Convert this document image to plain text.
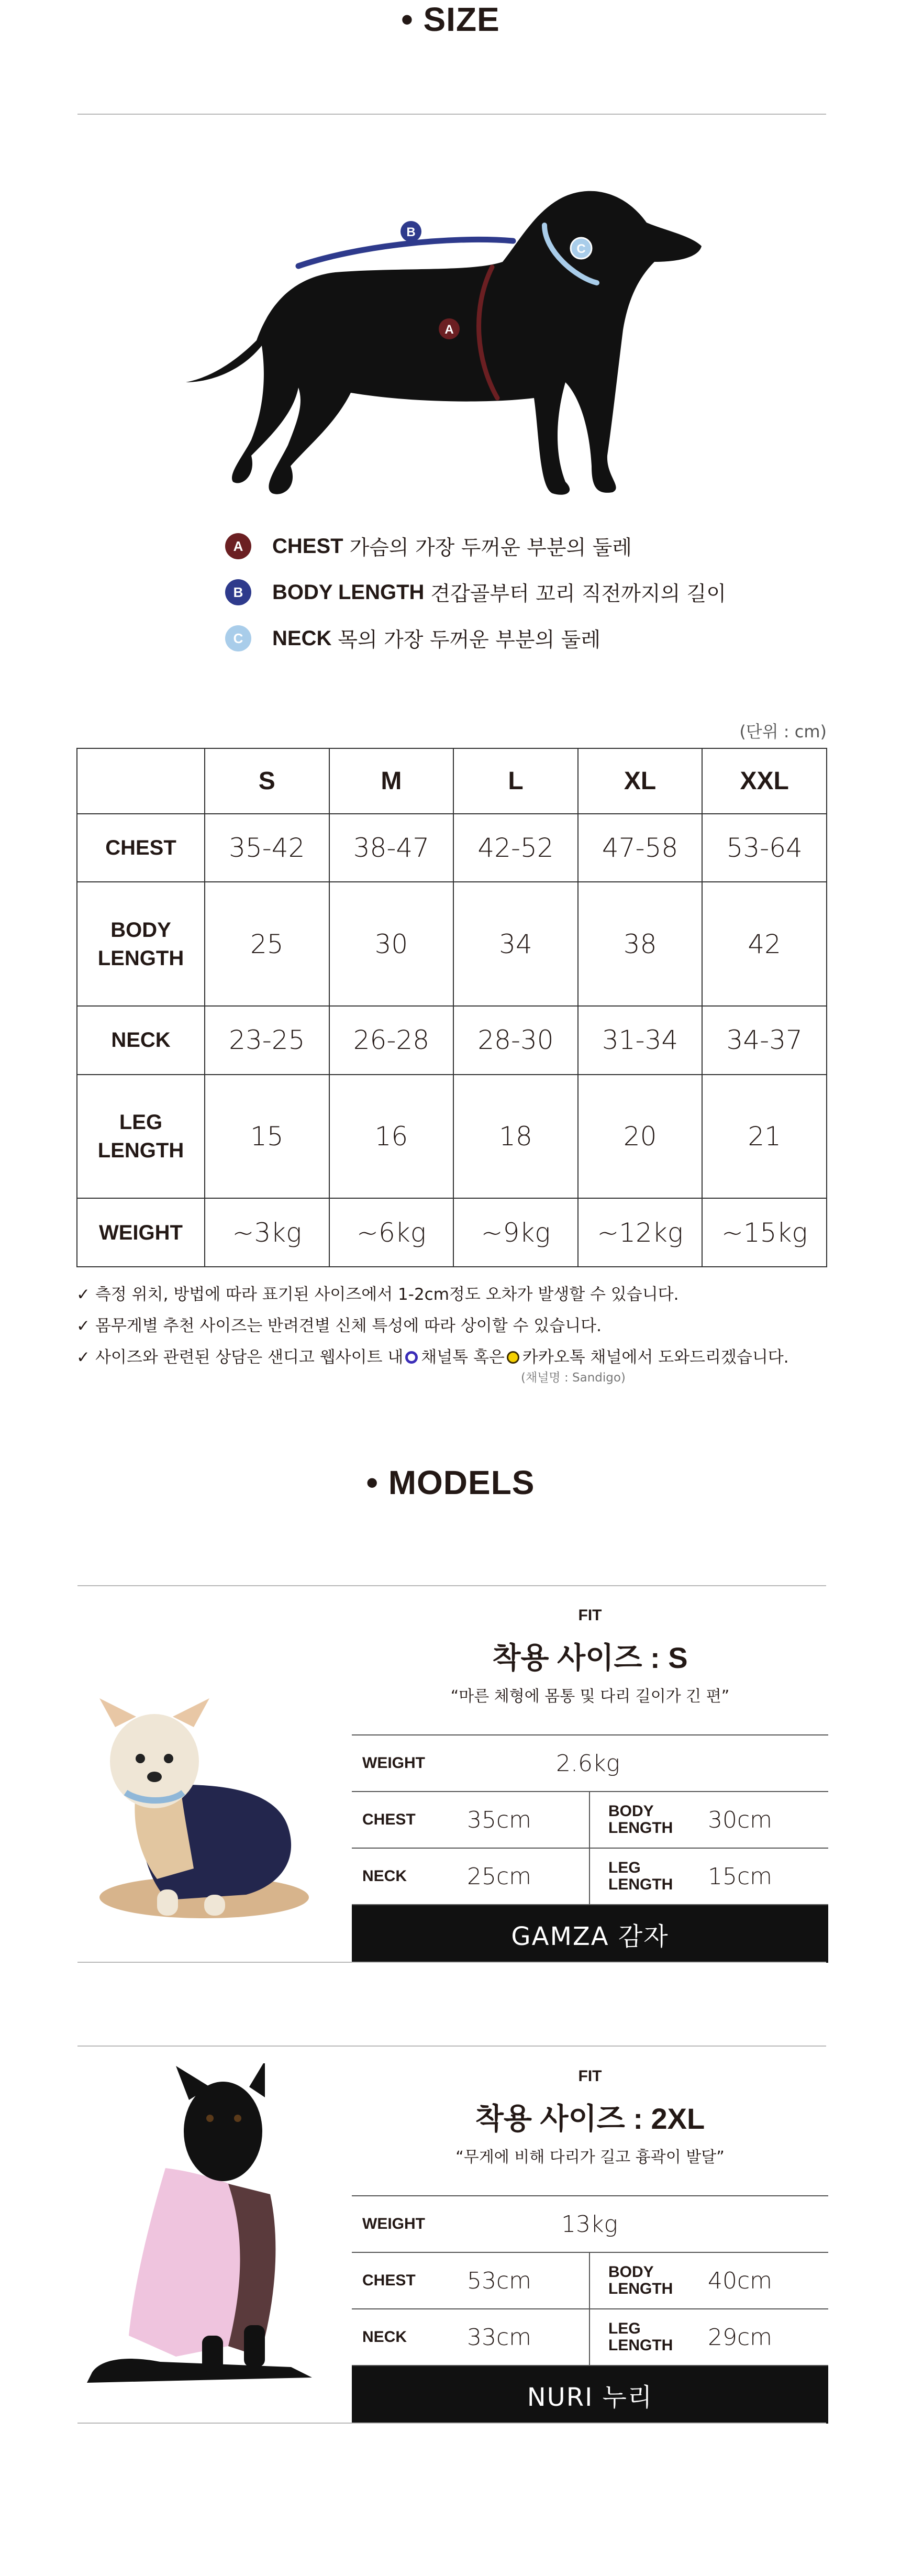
• SIZE
A
B
C
A	CHEST 가슴의 가장 두꺼운 부분의 둘레
B	BODY LENGTH 견갑골부터 꼬리 직전까지의 길이
C	NECK 목의 가장 두꺼운 부분의 둘레
(단위 : cm)
	S	M	L	XL	XXL
CHEST	35-42	38-47	42-52	47-58	53-64
BODY
LENGTH	25	30	34	38	42
NECK	23-25	26-28	28-30	31-34	34-37
LEG
LENGTH	15	16	18	20	21
WEIGHT	~3kg	~6kg	~9kg	~12kg	~15kg
✓ 측정 위치, 방법에 따라 표기된 사이즈에서 1-2cm정도 오차가 발생할 수 있습니다.
✓ 몸무게별 추천 사이즈는 반려견별 신체 특성에 따라 상이할 수 있습니다.
✓ 사이즈와 관련된 상담은 샌디고 웹사이트 내 채널톡 혹은 카카오톡 채널에서 도와드리겠습니다.
(채널명 : Sandigo)
• MODELS
FIT
착용 사이즈 : S
“마른 체형에 몸통 및 다리 길이가 긴 편”
WEIGHT	2.6kg
CHEST 35cm	BODY
LENGTH 30cm
NECK	25cm	LEG
LENGTH 15cm
GAMZA 감자
FIT
착용 사이즈 : 2XL
“무게에 비해 다리가 길고 흉곽이 발달”
WEIGHT	13kg
CHEST 53cm	BODY
LENGTH 40cm
NECK	33cm	LEG
LENGTH 29cm
NURI 누리
